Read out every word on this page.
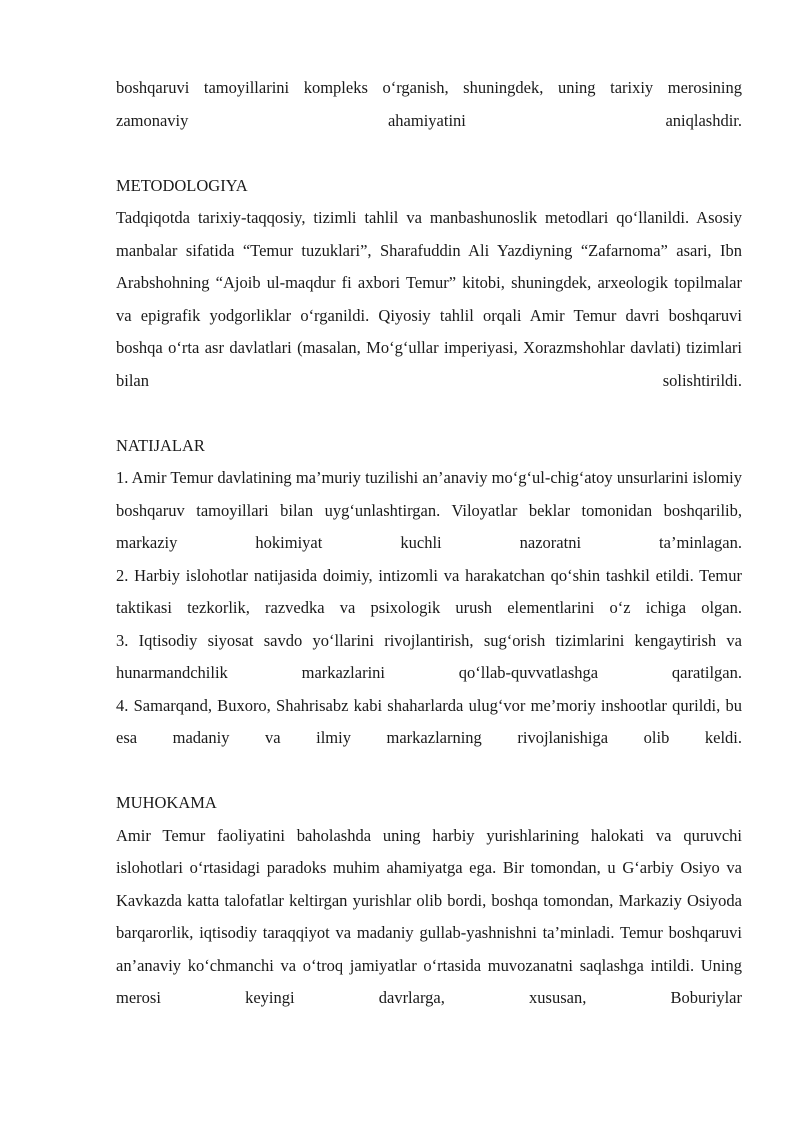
boshqaruvi tamoyillarini kompleks o‘rganish, shuningdek, uning tarixiy merosining zamonaviy ahamiyatini aniqlashdir.

METODOLOGIYA

Tadqiqotda tarixiy-taqqosiy, tizimli tahlil va manbashunoslik metodlari qo‘llanildi. Asosiy manbalar sifatida “Temur tuzuklari”, Sharafuddin Ali Yazdiyning “Zafarnoma” asari, Ibn Arabshohning “Ajoib ul-maqdur fi axbori Temur” kitobi, shuningdek, arxeologik topilmalar va epigrafik yodgorliklar o‘rganildi. Qiyosiy tahlil orqali Amir Temur davri boshqaruvi boshqa o‘rta asr davlatlari (masalan, Mo‘g‘ullar imperiyasi, Xorazmshohlar davlati) tizimlari bilan solishtirildi.

NATIJALAR

1. Amir Temur davlatining ma’muriy tuzilishi an’anaviy mo‘g‘ul-chig‘atoy unsurlarini islomiy boshqaruv tamoyillari bilan uyg‘unlashtirgan. Viloyatlar beklar tomonidan boshqarilib, markaziy hokimiyat kuchli nazoratni ta’minlagan.

2. Harbiy islohotlar natijasida doimiy, intizomli va harakatchan qo‘shin tashkil etildi. Temur taktikasi tezkorlik, razvedka va psixologik urush elementlarini o‘z ichiga olgan.

3. Iqtisodiy siyosat savdo yo‘llarini rivojlantirish, sug‘orish tizimlarini kengaytirish va hunarmandchilik markazlarini qo‘llab-quvvatlashga qaratilgan.

4. Samarqand, Buxoro, Shahrisabz kabi shaharlarda ulug‘vor me’moriy inshootlar qurildi, bu esa madaniy va ilmiy markazlarning rivojlanishiga olib keldi.

MUHOKAMA

Amir Temur faoliyatini baholashda uning harbiy yurishlarining halokati va quruvchi islohotlari o‘rtasidagi paradoks muhim ahamiyatga ega. Bir tomondan, u G‘arbiy Osiyo va Kavkazda katta talofatlar keltirgan yurishlar olib bordi, boshqa tomondan, Markaziy Osiyoda barqarorlik, iqtisodiy taraqqiyot va madaniy gullab-yashnishni ta’minladi. Temur boshqaruvi an’anaviy ko‘chmanchi va o‘troq jamiyatlar o‘rtasida muvozanatni saqlashga intildi. Uning merosi keyingi davrlarga, xususan, Boburiylar
